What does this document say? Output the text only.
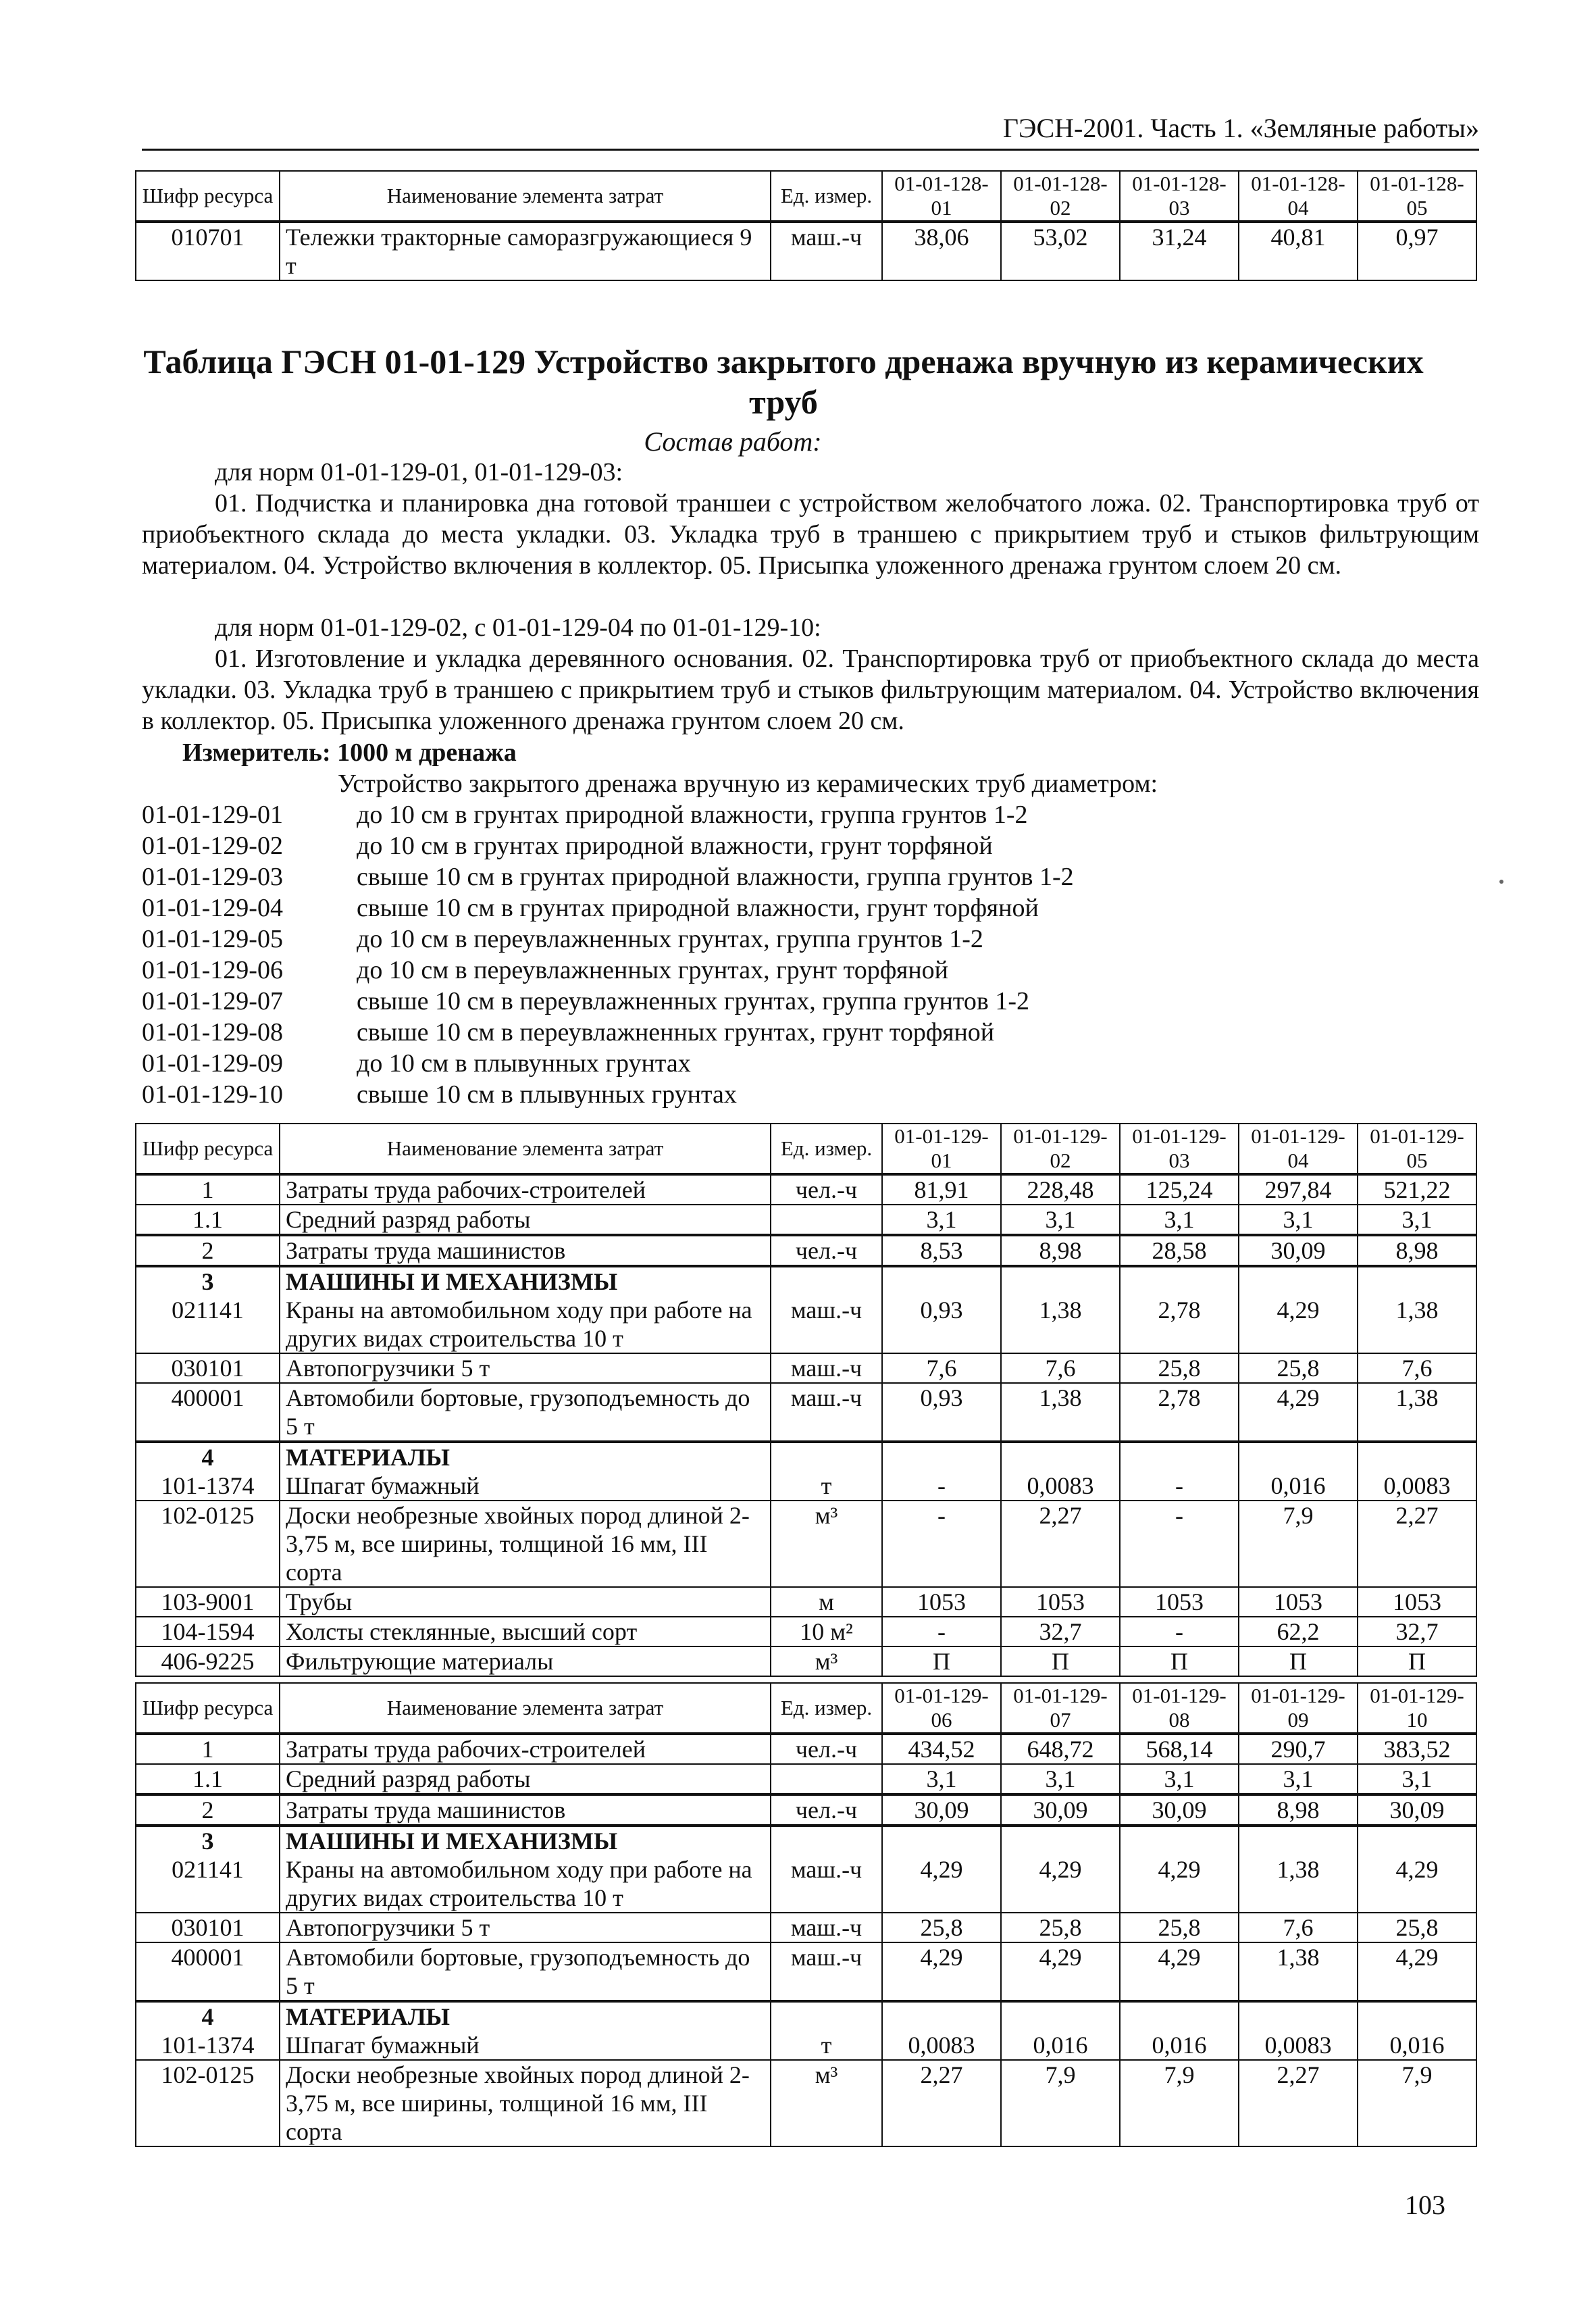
ГЭСН-2001. Часть 1. «Земляные работы»
Шифр ресурса	Наименование элемента затрат	Ед. измер.	01-01-128-01	01-01-128-02	01-01-128-03	01-01-128-04	01-01-128-05
010701	Тележки тракторные саморазгружающиеся 9 т	маш.-ч	38,06	53,02	31,24	40,81	0,97
Таблица ГЭСН 01-01-129 Устройство закрытого дренажа вручную из керамических труб
Состав работ:
для норм 01-01-129-01, 01-01-129-03:
01. Подчистка и планировка дна готовой траншеи с устройством желобчатого ложа. 02. Транспортировка труб от приобъектного склада до места укладки. 03. Укладка труб в траншею с прикрытием труб и стыков фильтрующим материалом. 04. Устройство включения в коллектор. 05. Присыпка уложенного дренажа грунтом слоем 20 см.
для норм 01-01-129-02, с 01-01-129-04 по 01-01-129-10:
01. Изготовление и укладка деревянного основания. 02. Транспортировка труб от приобъектного склада до места укладки. 03. Укладка труб в траншею с прикрытием труб и стыков фильтрующим материалом. 04. Устройство включения в коллектор. 05. Присыпка уложенного дренажа грунтом слоем 20 см.
Измеритель: 1000 м дренажа
Устройство закрытого дренажа вручную из керамических труб диаметром:
01-01-129-01	до 10 см в грунтах природной влажности, группа грунтов 1-2
01-01-129-02	до 10 см в грунтах природной влажности, грунт торфяной
01-01-129-03	свыше 10 см в грунтах природной влажности, группа грунтов 1-2
01-01-129-04	свыше 10 см в грунтах природной влажности, грунт торфяной
01-01-129-05	до 10 см в переувлажненных грунтах, группа грунтов 1-2
01-01-129-06	до 10 см в переувлажненных грунтах, грунт торфяной
01-01-129-07	свыше 10 см в переувлажненных грунтах, группа грунтов 1-2
01-01-129-08	свыше 10 см в переувлажненных грунтах, грунт торфяной
01-01-129-09	до 10 см в плывунных грунтах
01-01-129-10	свыше 10 см в плывунных грунтах
Шифр ресурса	Наименование элемента затрат	Ед. измер.	01-01-129-01	01-01-129-02	01-01-129-03	01-01-129-04	01-01-129-05
1	Затраты труда рабочих-строителей	чел.-ч	81,91	228,48	125,24	297,84	521,22
1.1	Средний разряд работы		3,1	3,1	3,1	3,1	3,1
2	Затраты труда машинистов	чел.-ч	8,53	8,98	28,58	30,09	8,98
3	МАШИНЫ И МЕХАНИЗМЫ						
021141	Краны на автомобильном ходу при работе на других видах строительства 10 т	маш.-ч	0,93	1,38	2,78	4,29	1,38
030101	Автопогрузчики 5 т	маш.-ч	7,6	7,6	25,8	25,8	7,6
400001	Автомобили бортовые, грузоподъемность до 5 т	маш.-ч	0,93	1,38	2,78	4,29	1,38
4	МАТЕРИАЛЫ						
101-1374	Шпагат бумажный	т	-	0,0083	-	0,016	0,0083
102-0125	Доски необрезные хвойных пород длиной 2-3,75 м, все ширины, толщиной 16 мм, III сорта	м³	-	2,27	-	7,9	2,27
103-9001	Трубы	м	1053	1053	1053	1053	1053
104-1594	Холсты стеклянные, высший сорт	10 м²	-	32,7	-	62,2	32,7
406-9225	Фильтрующие материалы	м³	П	П	П	П	П
Шифр ресурса	Наименование элемента затрат	Ед. измер.	01-01-129-06	01-01-129-07	01-01-129-08	01-01-129-09	01-01-129-10
1	Затраты труда рабочих-строителей	чел.-ч	434,52	648,72	568,14	290,7	383,52
1.1	Средний разряд работы		3,1	3,1	3,1	3,1	3,1
2	Затраты труда машинистов	чел.-ч	30,09	30,09	30,09	8,98	30,09
3	МАШИНЫ И МЕХАНИЗМЫ						
021141	Краны на автомобильном ходу при работе на других видах строительства 10 т	маш.-ч	4,29	4,29	4,29	1,38	4,29
030101	Автопогрузчики 5 т	маш.-ч	25,8	25,8	25,8	7,6	25,8
400001	Автомобили бортовые, грузоподъемность до 5 т	маш.-ч	4,29	4,29	4,29	1,38	4,29
4	МАТЕРИАЛЫ						
101-1374	Шпагат бумажный	т	0,0083	0,016	0,016	0,0083	0,016
102-0125	Доски необрезные хвойных пород длиной 2-3,75 м, все ширины, толщиной 16 мм, III сорта	м³	2,27	7,9	7,9	2,27	7,9
103
